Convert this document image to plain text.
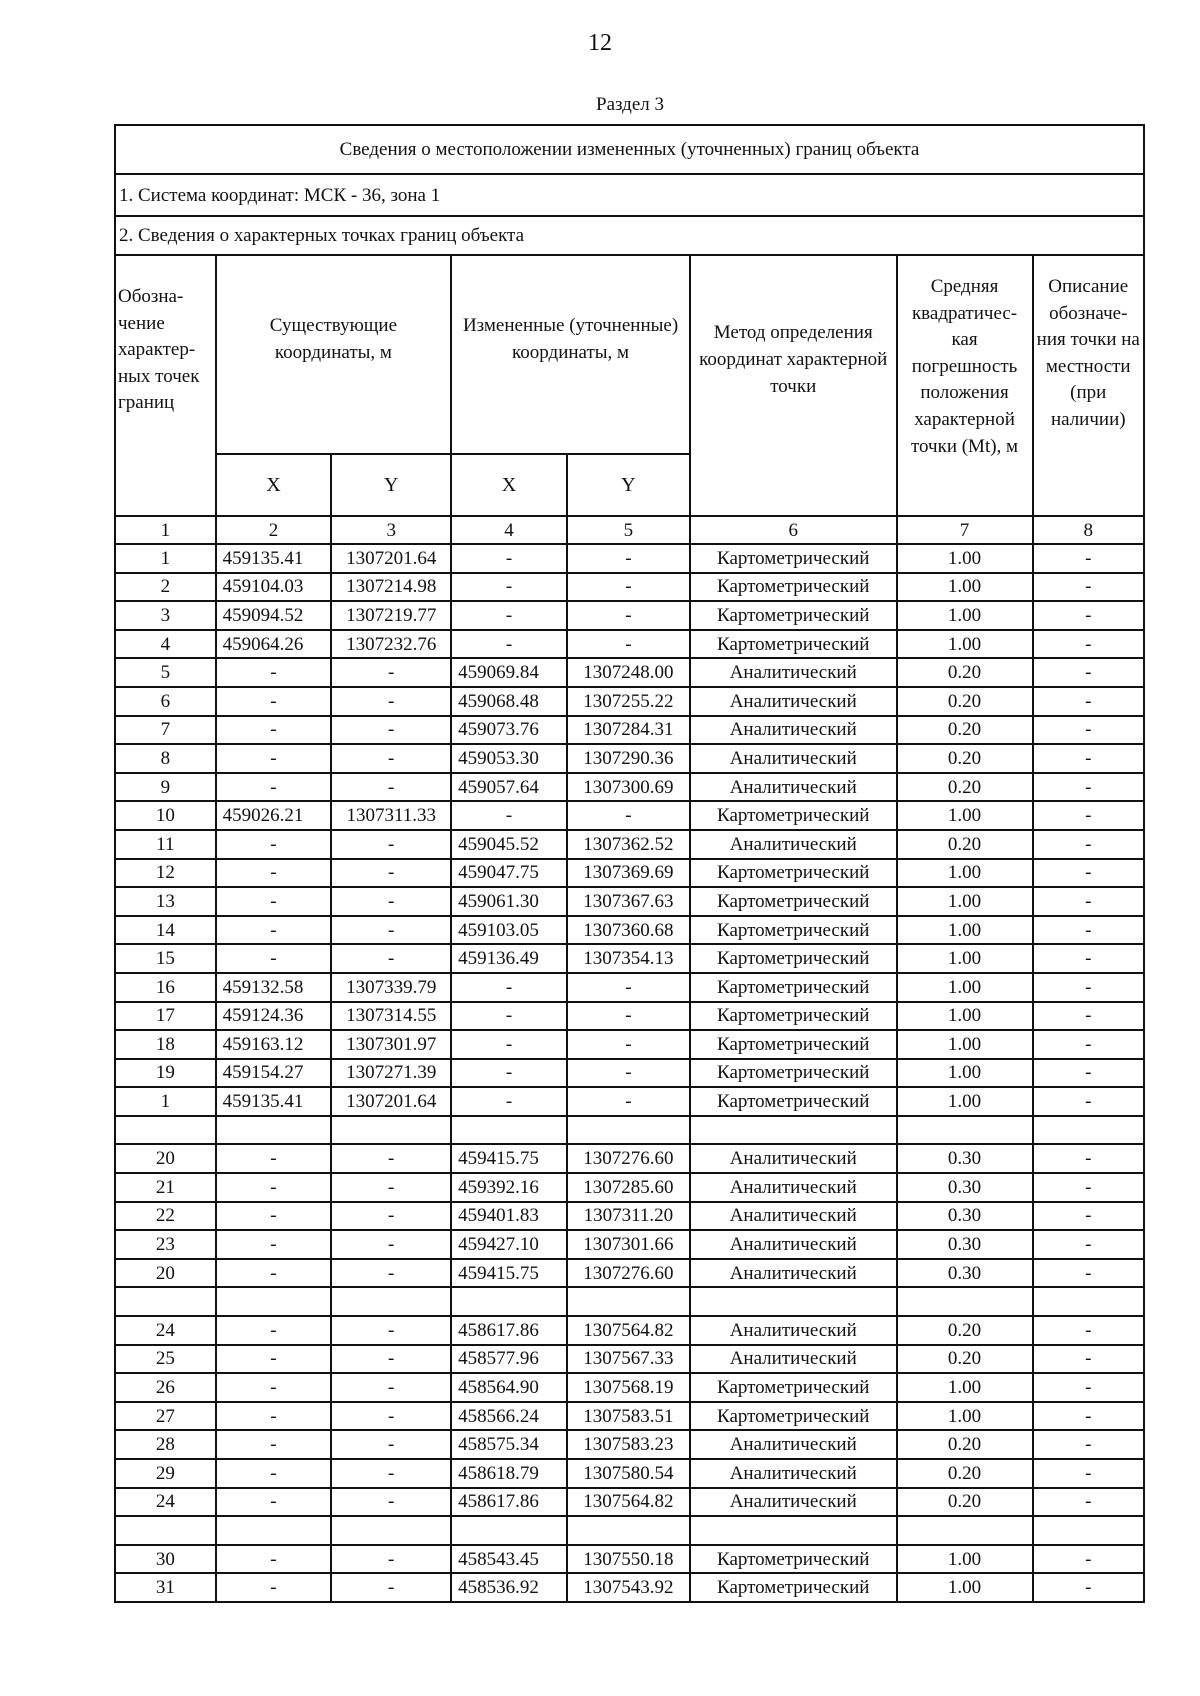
12
Раздел 3
Сведения о местоположении измененных (уточненных) границ объекта							
1. Система координат: МСК - 36, зона 1							
2. Сведения о характерных точках границ объекта							
Обозна-чение характер-ных точек границ	Существующие координаты, м		Измененные (уточненные) координаты, м		Метод определения координат характерной точки	Средняя квадратичес-кая погрешность положения характерной точки (Mt), м	Описание обозначе-ния точки на местности (при наличии)
	X	Y	X	Y			
1	2	3	4	5	6	7	8
1	459135.41	1307201.64	-	-	Картометрический	1.00	-
2	459104.03	1307214.98	-	-	Картометрический	1.00	-
3	459094.52	1307219.77	-	-	Картометрический	1.00	-
4	459064.26	1307232.76	-	-	Картометрический	1.00	-
5	-	-	459069.84	1307248.00	Аналитический	0.20	-
6	-	-	459068.48	1307255.22	Аналитический	0.20	-
7	-	-	459073.76	1307284.31	Аналитический	0.20	-
8	-	-	459053.30	1307290.36	Аналитический	0.20	-
9	-	-	459057.64	1307300.69	Аналитический	0.20	-
10	459026.21	1307311.33	-	-	Картометрический	1.00	-
11	-	-	459045.52	1307362.52	Аналитический	0.20	-
12	-	-	459047.75	1307369.69	Картометрический	1.00	-
13	-	-	459061.30	1307367.63	Картометрический	1.00	-
14	-	-	459103.05	1307360.68	Картометрический	1.00	-
15	-	-	459136.49	1307354.13	Картометрический	1.00	-
16	459132.58	1307339.79	-	-	Картометрический	1.00	-
17	459124.36	1307314.55	-	-	Картометрический	1.00	-
18	459163.12	1307301.97	-	-	Картометрический	1.00	-
19	459154.27	1307271.39	-	-	Картометрический	1.00	-
1	459135.41	1307201.64	-	-	Картометрический	1.00	-

20	-	-	459415.75	1307276.60	Аналитический	0.30	-
21	-	-	459392.16	1307285.60	Аналитический	0.30	-
22	-	-	459401.83	1307311.20	Аналитический	0.30	-
23	-	-	459427.10	1307301.66	Аналитический	0.30	-
20	-	-	459415.75	1307276.60	Аналитический	0.30	-

24	-	-	458617.86	1307564.82	Аналитический	0.20	-
25	-	-	458577.96	1307567.33	Аналитический	0.20	-
26	-	-	458564.90	1307568.19	Картометрический	1.00	-
27	-	-	458566.24	1307583.51	Картометрический	1.00	-
28	-	-	458575.34	1307583.23	Аналитический	0.20	-
29	-	-	458618.79	1307580.54	Аналитический	0.20	-
24	-	-	458617.86	1307564.82	Аналитический	0.20	-

30	-	-	458543.45	1307550.18	Картометрический	1.00	-
31	-	-	458536.92	1307543.92	Картометрический	1.00	-
